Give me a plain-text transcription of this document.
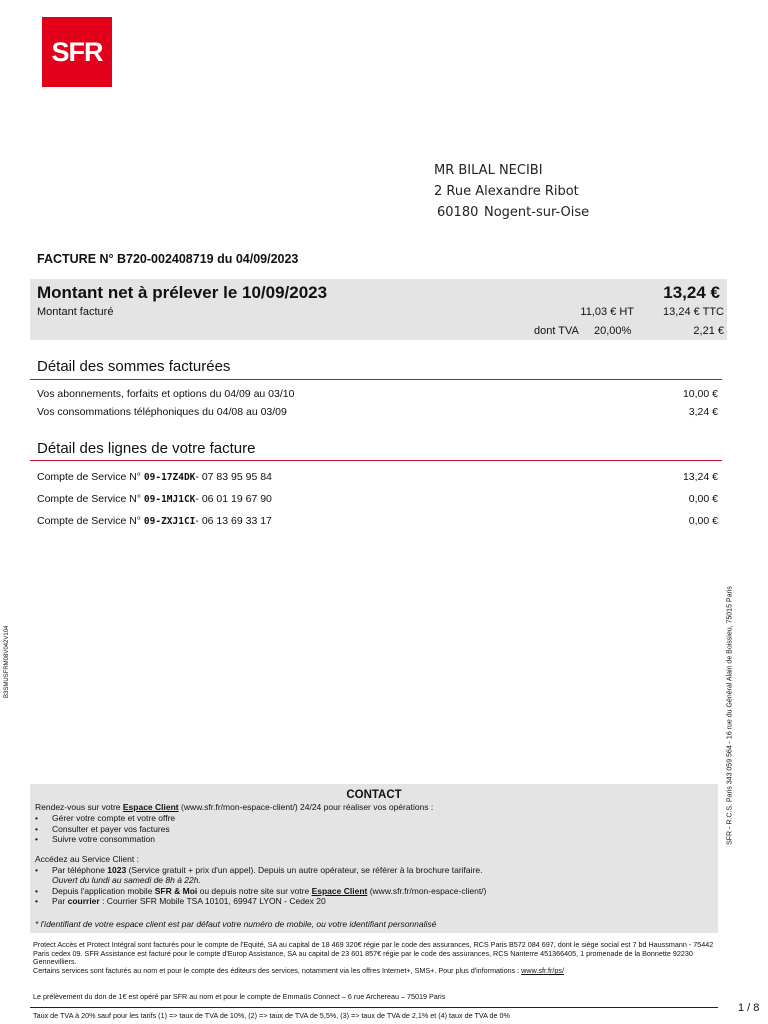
SFR
MR BILAL NECIBI
2 Rue Alexandre Ribot
60180 Nogent-sur-Oise
FACTURE N° B720-002408719 du 04/09/2023
Montant net à prélever le 10/09/2023	13,24 €
Montant facturé	11,03 € HT	13,24 € TTC
dont TVA 20,00%	2,21 €
Détail des sommes facturées
Vos abonnements, forfaits et options du 04/09 au 03/10	10,00 €
Vos consommations téléphoniques du 04/08 au 03/09	3,24 €
Détail des lignes de votre facture
Compte de Service N° 09-17Z4DK- 07 83 95 95 84	13,24 €
Compte de Service N° 09-1MJ1CK- 06 01 19 67 90	0,00 €
Compte de Service N° 09-ZXJ1CI- 06 13 69 33 17	0,00 €
B3SMUSFRM08V042V104	SFR - R.C.S. Paris 343 059 564 - 16 rue du Général Alain de Boissieu, 75015 Paris
CONTACT
Rendez-vous sur votre Espace Client (www.sfr.fr/mon-espace-client/) 24/24 pour réaliser vos opérations :
• Gérer votre compte et votre offre
• Consulter et payer vos factures
• Suivre votre consommation
Accédez au Service Client :
• Par téléphone 1023 (Service gratuit + prix d'un appel). Depuis un autre opérateur, se référer à la brochure tarifaire.
Ouvert du lundi au samedi de 8h à 22h.
• Depuis l'application mobile SFR & Moi ou depuis notre site sur votre Espace Client (www.sfr.fr/mon-espace-client/)
• Par courrier : Courrier SFR Mobile TSA 10101, 69947 LYON - Cedex 20
* l'identifiant de votre espace client est par défaut votre numéro de mobile, ou votre identifiant personnalisé
Protect Accès et Protect Intégral sont facturés pour le compte de l'Equité, SA au capital de 18 469 320€ régie par le code des assurances, RCS Paris B572 084 697, dont le siège social est 7 bd Haussmann - 75442 Paris cedex 09. SFR Assistance est facturé pour le compte d'Europ Assistance, SA au capital de 23 601 857€ régie par le code des assurances, RCS Nanterre 451366405, 1 promenade de la Bonnette 92230 Gennevilliers.
Certains services sont facturés au nom et pour le compte des éditeurs des services, notamment via les offres Internet+, SMS+. Pour plus d'informations : www.sfr.fr/ps/
Le prélèvement du don de 1€ est opéré par SFR au nom et pour le compte de Emmaüs Connect – 6 rue Archereau – 75019 Paris
1 / 8
Taux de TVA à 20% sauf pour les tarifs (1) => taux de TVA de 10%, (2) => taux de TVA de 5,5%, (3) => taux de TVA de 2,1% et (4) taux de TVA de 0%
